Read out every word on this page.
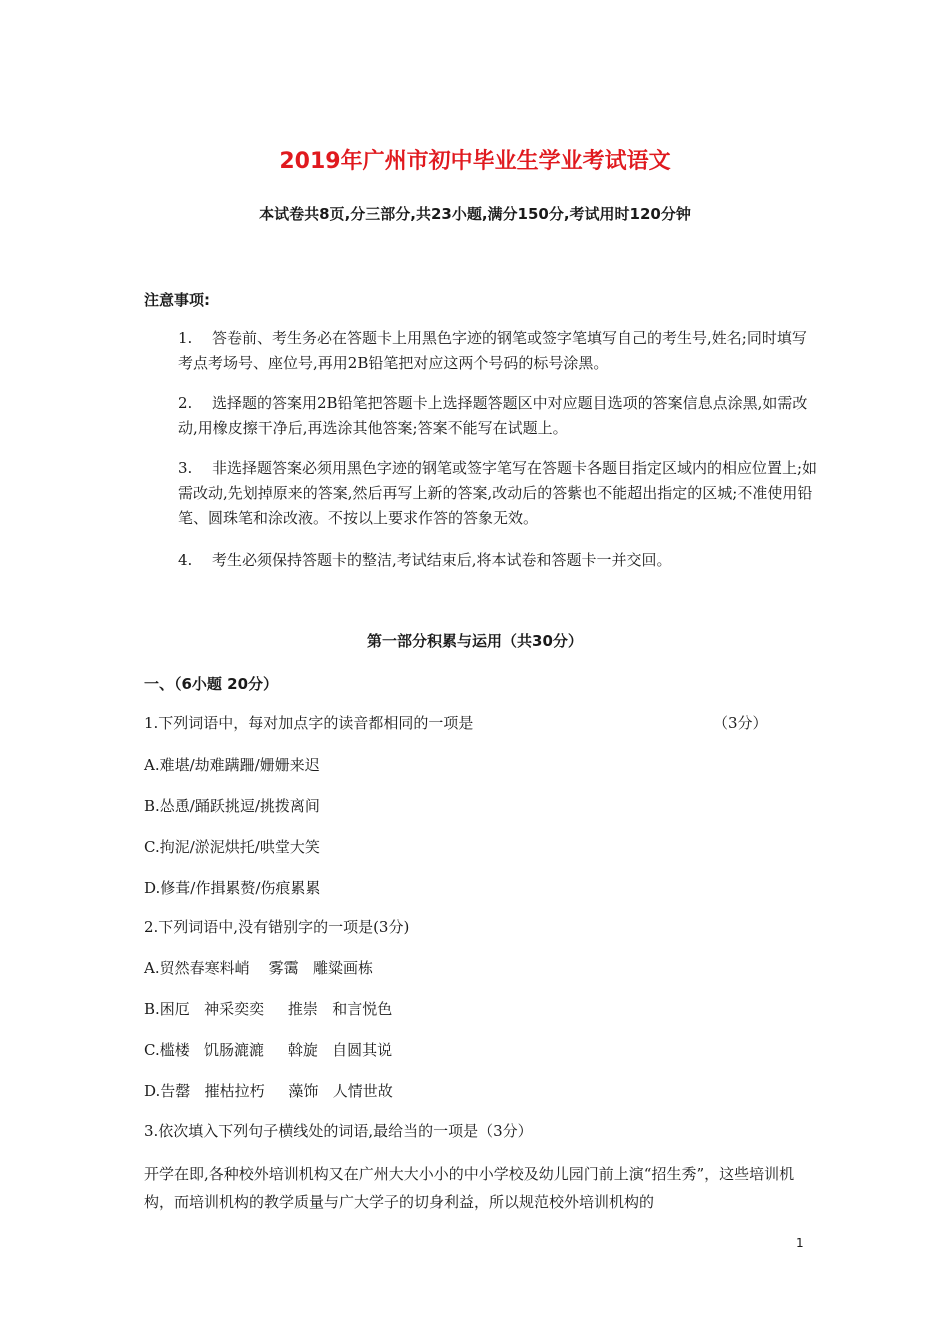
2019年广州市初中毕业生学业考试语文
本试卷共8页,分三部分,共23小题,满分150分,考试用时120分钟
注意事项:
1. 答卷前、考生务必在答题卡上用黑色字迹的钢笔或签字笔填写自己的考生号,姓名;同时填写考点考场号、座位号,再用2B铅笔把对应这两个号码的标号涂黑。
2. 选择题的答案用2B铅笔把答题卡上选择题答题区中对应题目选项的答案信息点涂黑,如需改动,用橡皮擦干净后,再选涂其他答案;答案不能写在试题上。
3. 非选择题答案必须用黑色字迹的钢笔或签字笔写在答题卡各题目指定区域内的相应位置上;如需改动,先划掉原来的答案,然后再写上新的答案,改动后的答紫也不能超出指定的区城;不准使用铅笔、圆珠笔和涂改液。不按以上要求作答的答象无效。
4. 考生必须保持答题卡的整洁,考试结束后,将本试卷和答题卡一并交回。
第一部分积累与运用（共30分）
一、（6小题 20分）
1.下列词语中，每对加点字的读音都相同的一项是	（3分）
A.难堪/劫难蹒跚/姗姗来迟
B.怂恿/踊跃挑逗/挑拨离间
C.拘泥/淤泥烘托/哄堂大笑
D.修葺/作揖累赘/伤痕累累
2.下列词语中,没有错别字的一项是(3分)
A.贸然春寒料峭    雾霭   雕粱画栋
B.困厄   神采奕奕     推崇   和言悦色
C.槛楼   饥肠漉漉     斡旋   自圆其说
D.告罄   摧枯拉朽     藻饰   人情世故
3.依次填入下列句子横线处的词语,最给当的一项是（3分）
开学在即,各种校外培训机构又在广州大大小小的中小学校及幼儿园门前上演“招生秀”，这些培训机构，而培训机构的教学质量与广大学子的切身利益，所以规范校外培训机构的
1
